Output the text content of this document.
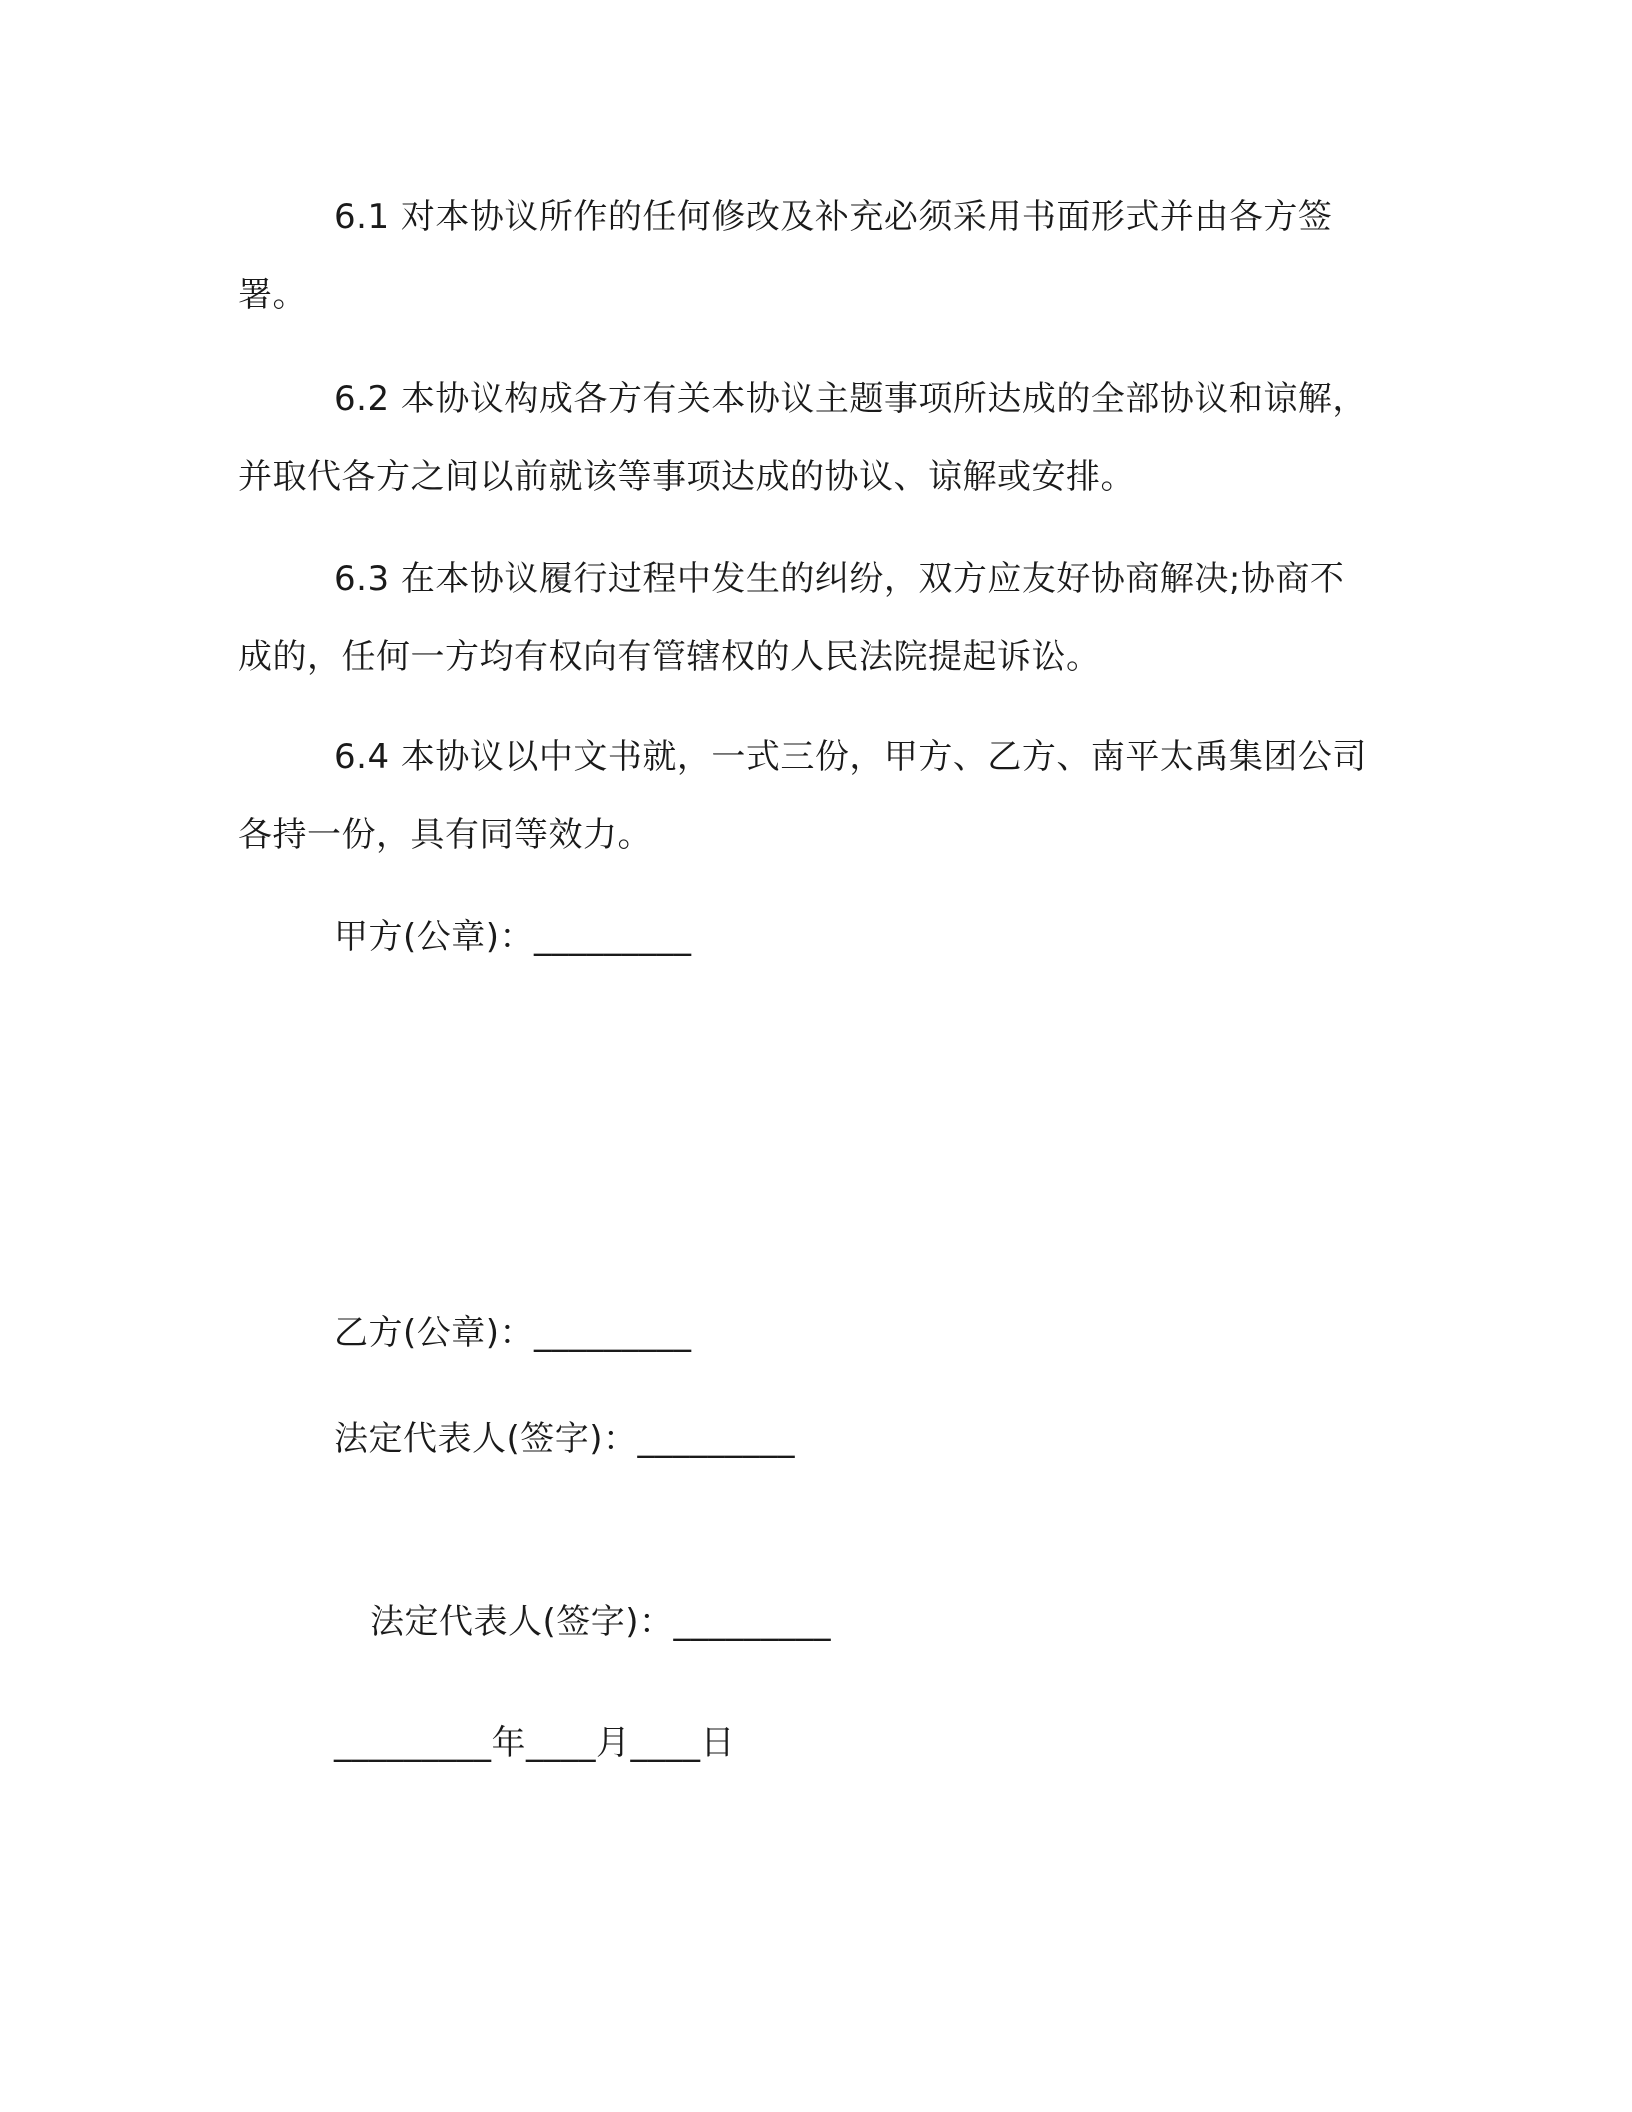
6.1 对本协议所作的任何修改及补充必须采用书面形式并由各方签署。

6.2 本协议构成各方有关本协议主题事项所达成的全部协议和谅解，并取代各方之间以前就该等事项达成的协议、谅解或安排。

6.3 在本协议履行过程中发生的纠纷，双方应友好协商解决;协商不成的，任何一方均有权向有管辖权的人民法院提起诉讼。

6.4 本协议以中文书就，一式三份，甲方、乙方、南平太禹集团公司各持一份，具有同等效力。

甲方(公章)：_________

乙方(公章)：_________

法定代表人(签字)：_________

法定代表人(签字)：_________

_________年____月____日
